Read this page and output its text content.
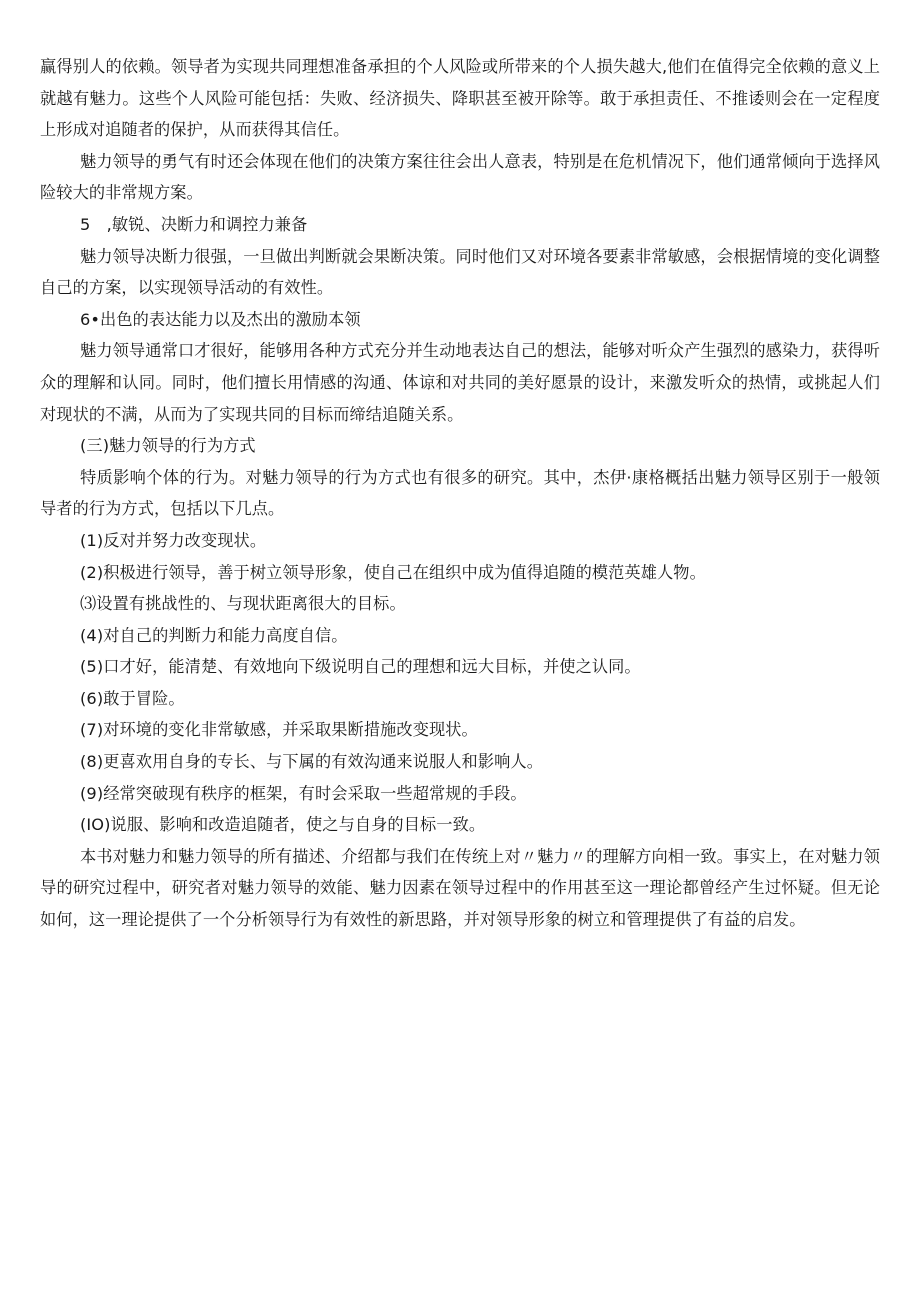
赢得别人的依赖。领导者为实现共同理想准备承担的个人风险或所带来的个人损失越大,他们在值得完全依赖的意义上就越有魅力。这些个人风险可能包括：失败、经济损失、降职甚至被开除等。敢于承担责任、不推诿则会在一定程度上形成对追随者的保护，从而获得其信任。

魅力领导的勇气有时还会体现在他们的决策方案往往会出人意表，特别是在危机情况下，他们通常倾向于选择风险较大的非常规方案。

5　,敏锐、决断力和调控力兼备

魅力领导决断力很强，一旦做出判断就会果断决策。同时他们又对环境各要素非常敏感，会根据情境的变化调整自己的方案，以实现领导活动的有效性。

6•出色的表达能力以及杰出的激励本领

魅力领导通常口才很好，能够用各种方式充分并生动地表达自己的想法，能够对听众产生强烈的感染力，获得听众的理解和认同。同时，他们擅长用情感的沟通、体谅和对共同的美好愿景的设计，来激发听众的热情，或挑起人们对现状的不满，从而为了实现共同的目标而缔结追随关系。

(三)魅力领导的行为方式

特质影响个体的行为。对魅力领导的行为方式也有很多的研究。其中，杰伊·康格概括出魅力领导区别于一般领导者的行为方式，包括以下几点。

(1)反对并努力改变现状。

(2)积极进行领导，善于树立领导形象，使自己在组织中成为值得追随的模范英雄人物。

⑶设置有挑战性的、与现状距离很大的目标。

(4)对自己的判断力和能力高度自信。

(5)口才好，能清楚、有效地向下级说明自己的理想和远大目标，并使之认同。

(6)敢于冒险。

(7)对环境的变化非常敏感，并采取果断措施改变现状。

(8)更喜欢用自身的专长、与下属的有效沟通来说服人和影响人。

(9)经常突破现有秩序的框架，有时会采取一些超常规的手段。

(IO)说服、影响和改造追随者，使之与自身的目标一致。

本书对魅力和魅力领导的所有描述、介绍都与我们在传统上对〃魅力〃的理解方向相一致。事实上，在对魅力领导的研究过程中，研究者对魅力领导的效能、魅力因素在领导过程中的作用甚至这一理论都曾经产生过怀疑。但无论如何，这一理论提供了一个分析领导行为有效性的新思路，并对领导形象的树立和管理提供了有益的启发。
